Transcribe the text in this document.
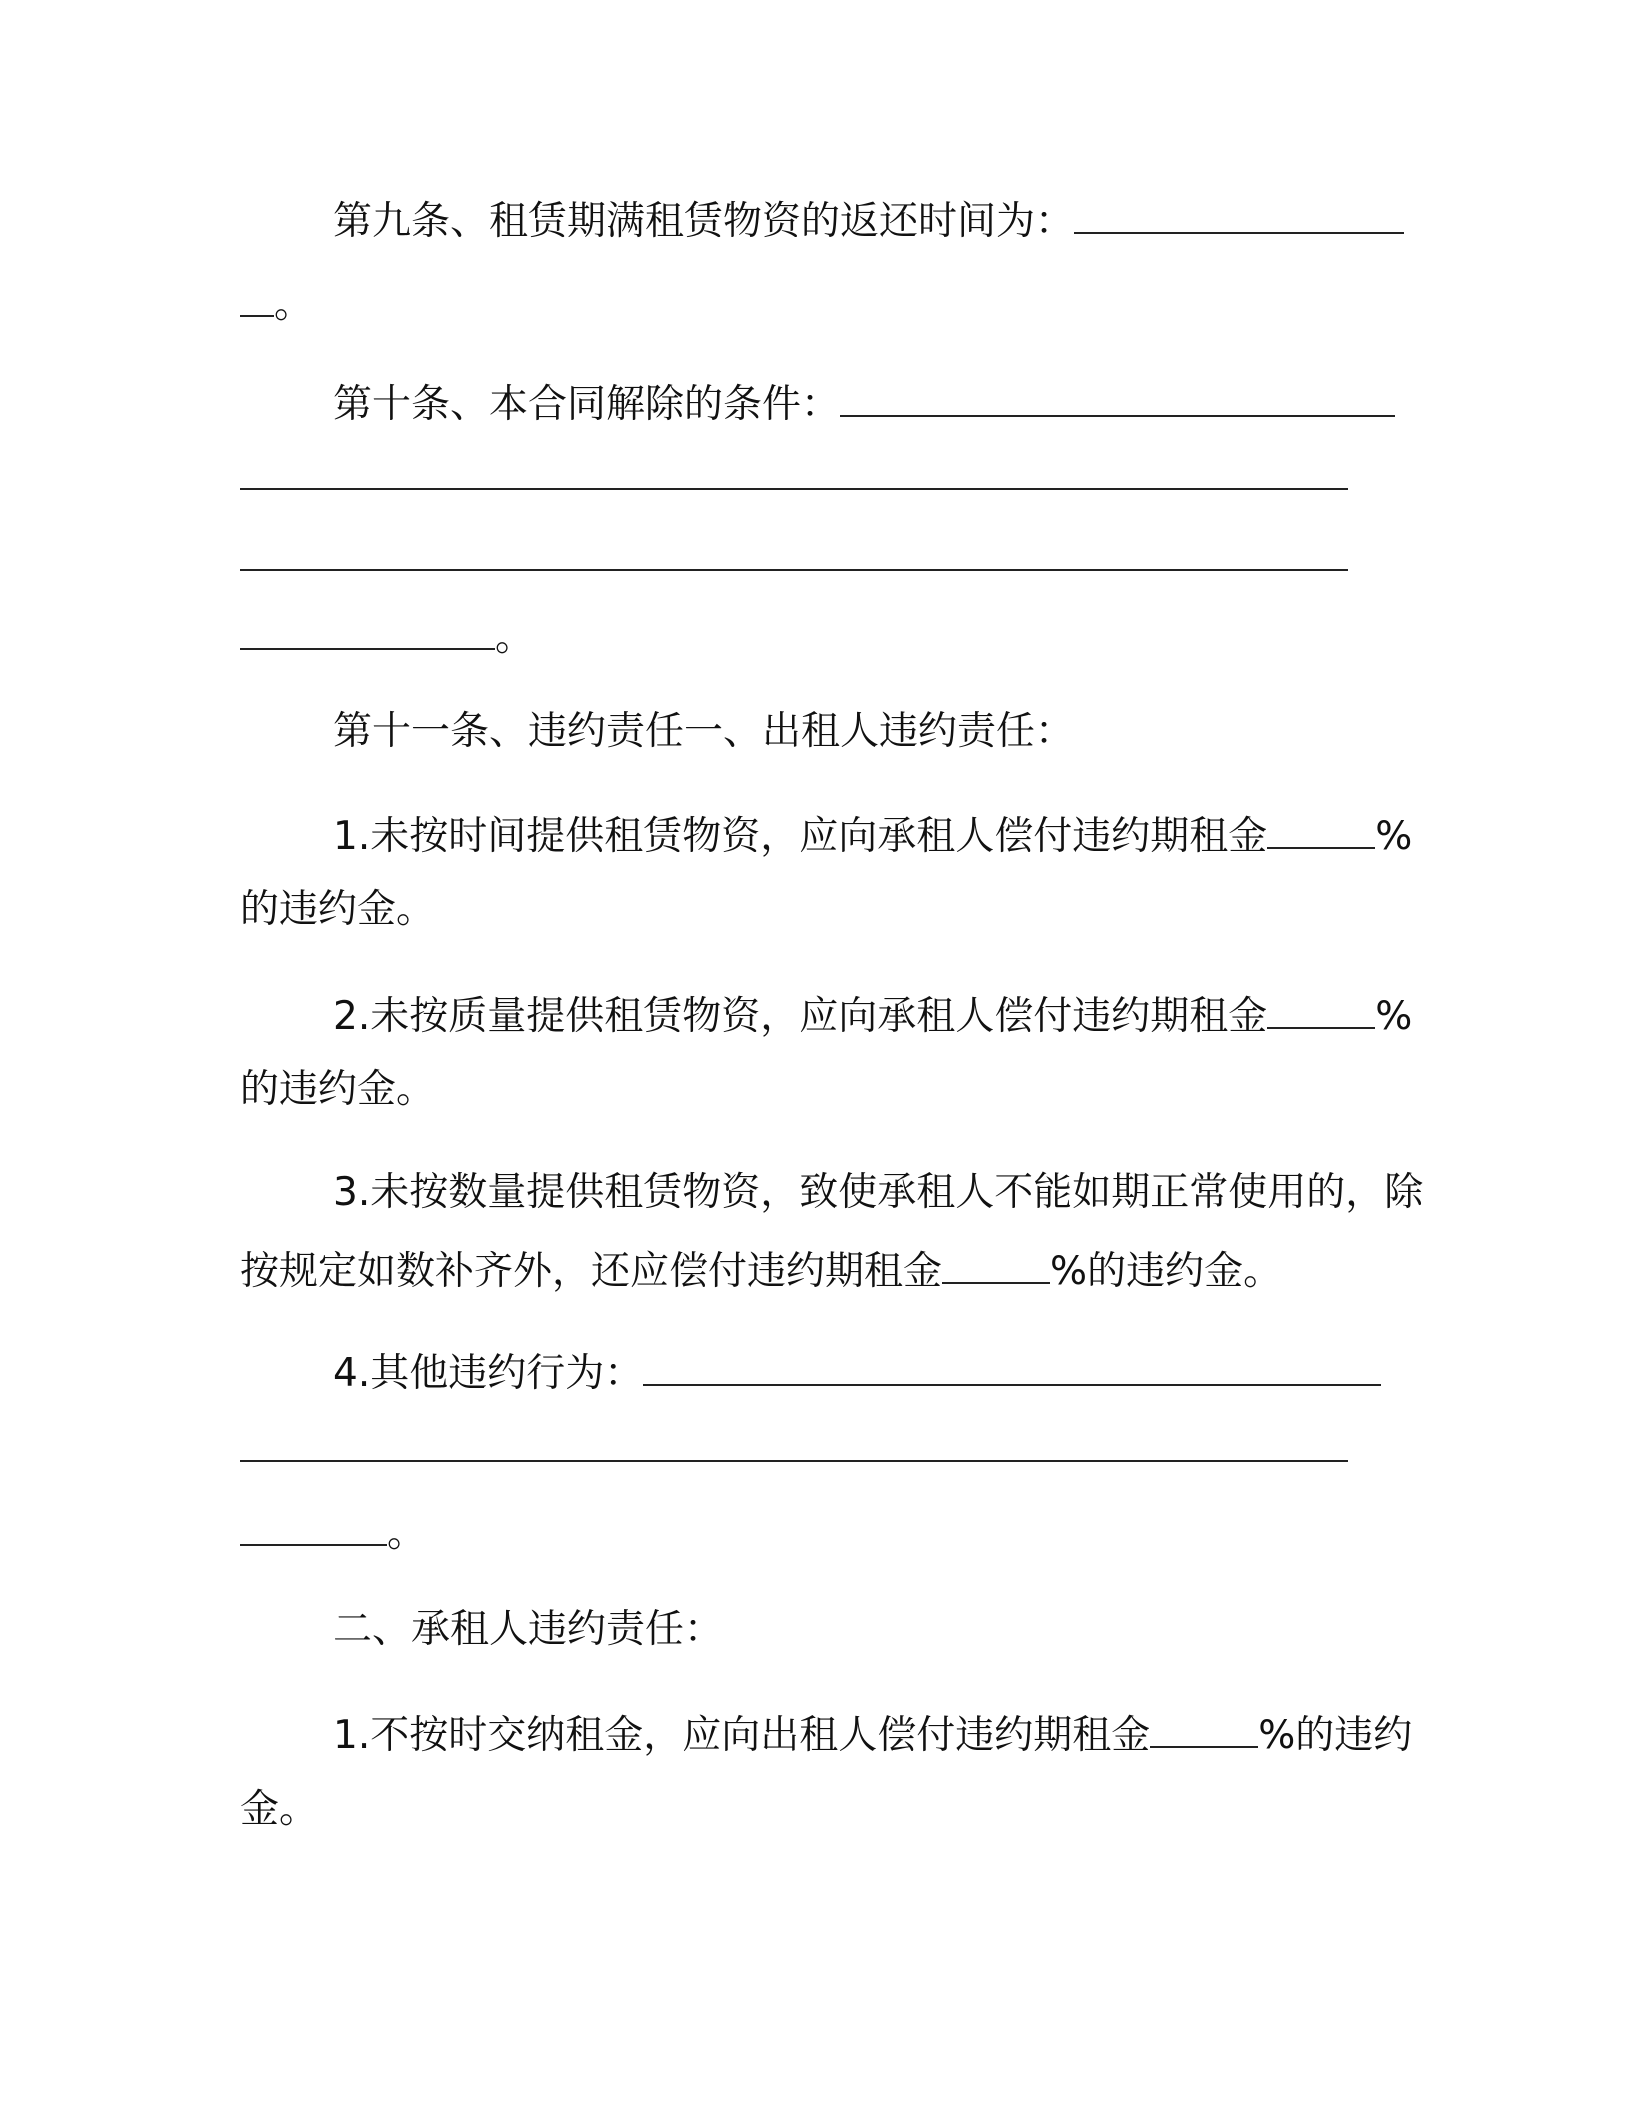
第九条、租赁期满租赁物资的返还时间为：
。
第十条、本合同解除的条件：
。
第十一条、违约责任一、出租人违约责任：
1.未按时间提供租赁物资，应向承租人偿付违约期租金	%
的违约金。
2.未按质量提供租赁物资，应向承租人偿付违约期租金	%
的违约金。
3.未按数量提供租赁物资，致使承租人不能如期正常使用的，除
按规定如数补齐外，还应偿付违约期租金	%的违约金。
4.其他违约行为：
。
二、承租人违约责任：
1.不按时交纳租金，应向出租人偿付违约期租金	%的违约
金。
